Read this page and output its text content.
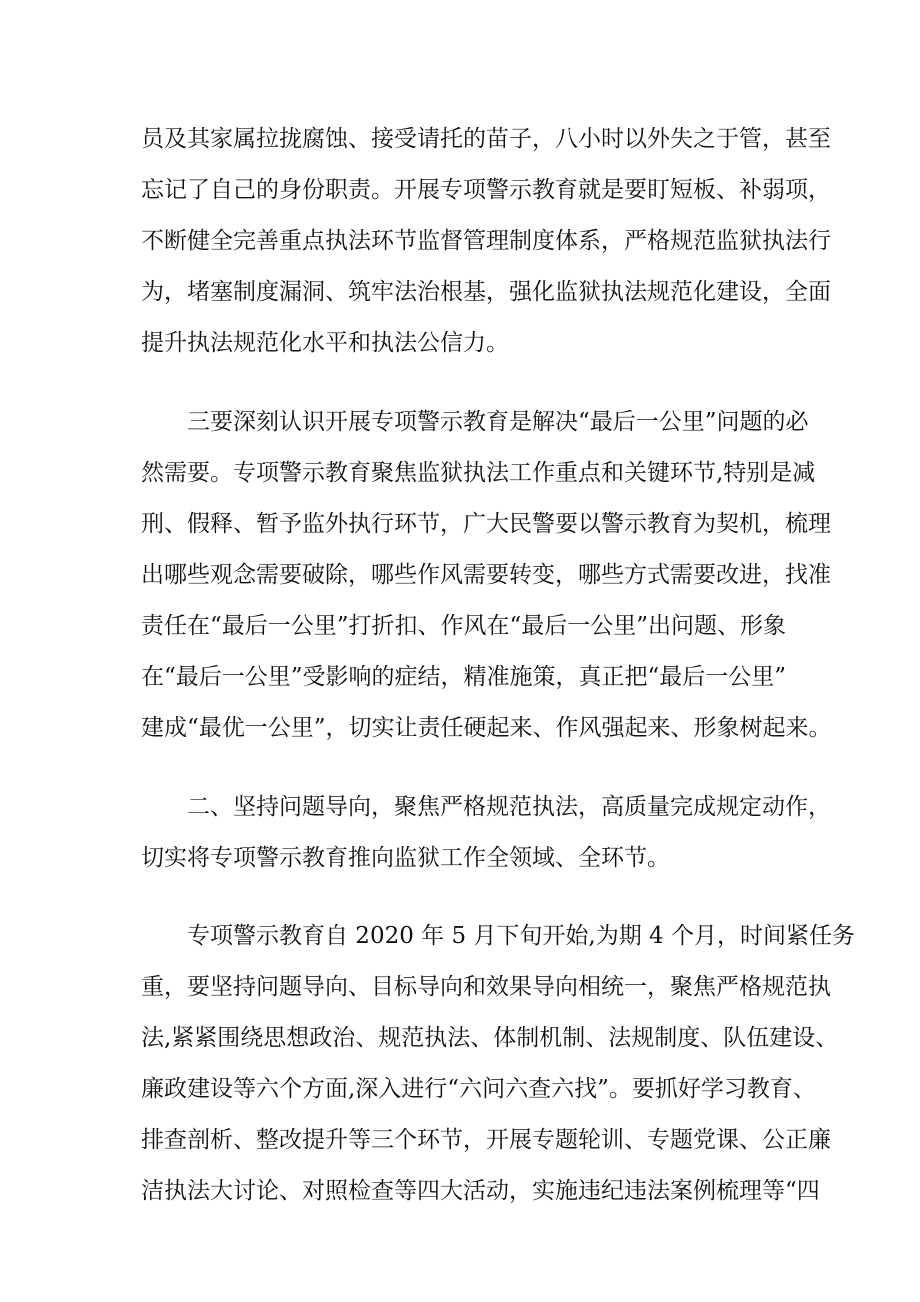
员及其家属拉拢腐蚀、接受请托的苗子，八小时以外失之于管，甚至
忘记了自己的身份职责。开展专项警示教育就是要盯短板、补弱项，
不断健全完善重点执法环节监督管理制度体系，严格规范监狱执法行
为，堵塞制度漏洞、筑牢法治根基，强化监狱执法规范化建设，全面
提升执法规范化水平和执法公信力。
三要深刻认识开展专项警示教育是解决“最后一公里”问题的必
然需要。专项警示教育聚焦监狱执法工作重点和关键环节,特别是减
刑、假释、暂予监外执行环节，广大民警要以警示教育为契机，梳理
出哪些观念需要破除，哪些作风需要转变，哪些方式需要改进，找准
责任在“最后一公里”打折扣、作风在“最后一公里”出问题、形象
在“最后一公里”受影响的症结，精准施策，真正把“最后一公里”
建成“最优一公里”，切实让责任硬起来、作风强起来、形象树起来。
二、坚持问题导向，聚焦严格规范执法，高质量完成规定动作，
切实将专项警示教育推向监狱工作全领域、全环节。
专项警示教育自 2020 年 5 月下旬开始,为期 4 个月，时间紧任务
重，要坚持问题导向、目标导向和效果导向相统一，聚焦严格规范执
法,紧紧围绕思想政治、规范执法、体制机制、法规制度、队伍建设、
廉政建设等六个方面,深入进行“六问六查六找”。要抓好学习教育、
排查剖析、整改提升等三个环节，开展专题轮训、专题党课、公正廉
洁执法大讨论、对照检查等四大活动，实施违纪违法案例梳理等“四
